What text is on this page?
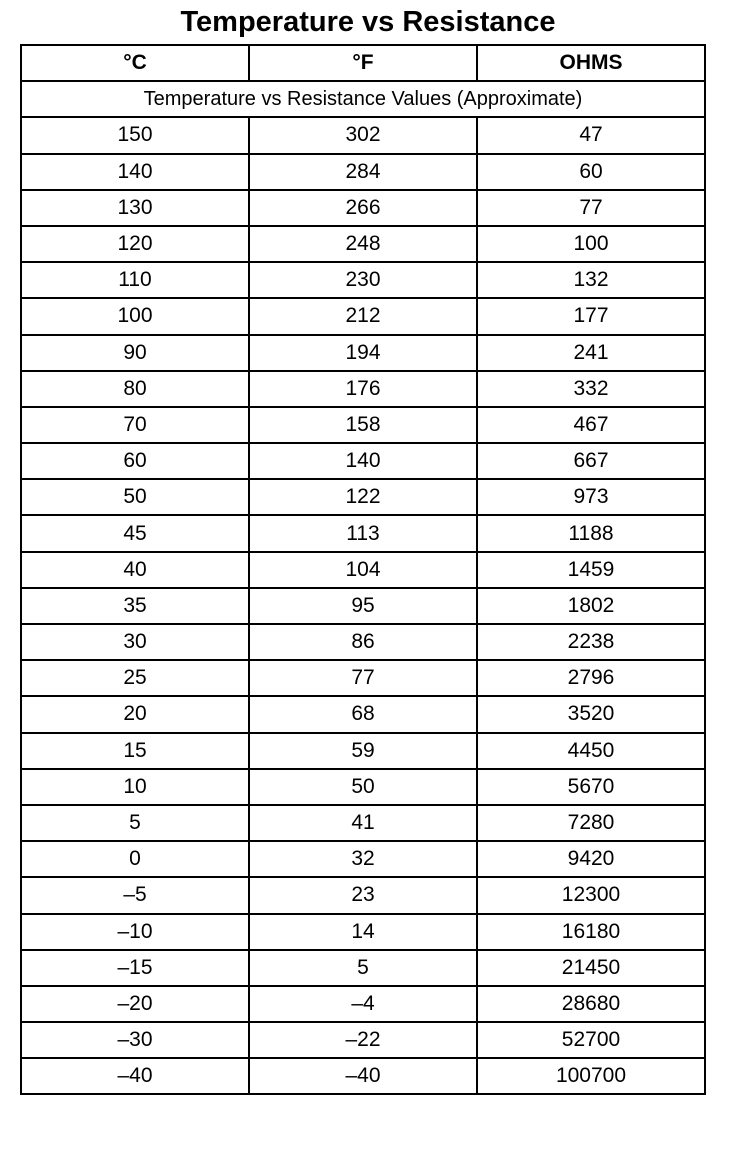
Temperature vs Resistance
°C	°F	OHMS
Temperature vs Resistance Values (Approximate)		
150	302	47
140	284	60
130	266	77
120	248	100
110	230	132
100	212	177
90	194	241
80	176	332
70	158	467
60	140	667
50	122	973
45	113	1188
40	104	1459
35	95	1802
30	86	2238
25	77	2796
20	68	3520
15	59	4450
10	50	5670
5	41	7280
0	32	9420
–5	23	12300
–10	14	16180
–15	5	21450
–20	–4	28680
–30	–22	52700
–40	–40	100700
